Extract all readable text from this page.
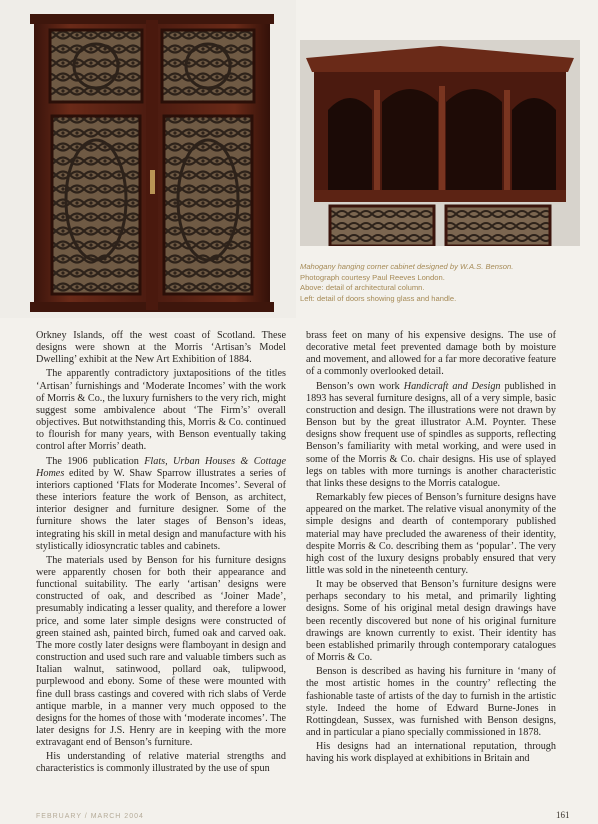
Mahogany hanging corner cabinet designed by W.A.S. Benson.
Photograph courtesy Paul Reeves London.
Above: detail of architectural column.
Left: detail of doors showing glass and handle.

Orkney Islands, off the west coast of Scotland. These designs were shown at the Morris ‘Artisan’s Model Dwelling’ exhibit at the New Art Exhibition of 1884.

The apparently contradictory juxtapositions of the titles ‘Artisan’ furnishings and ‘Moderate Incomes’ with the work of Morris & Co., the luxury furnishers to the very rich, might suggest some ambivalence about ‘The Firm’s’ overall objectives. But notwithstanding this, Morris & Co. continued to flourish for many years, with Benson eventually taking control after Morris’ death.

The 1906 publication Flats, Urban Houses & Cottage Homes edited by W. Shaw Sparrow illustrates a series of interiors captioned ‘Flats for Moderate Incomes’. Several of these interiors feature the work of Benson, as architect, interior designer and furniture designer. Some of the furniture shows the later stages of Benson’s ideas, integrating his skill in metal design and manufacture with his stylistically idiosyncratic tables and cabinets.

The materials used by Benson for his furniture designs were apparently chosen for both their appearance and functional suitability. The early ‘artisan’ designs were constructed of oak, and described as ‘Joiner Made’, presumably indicating a lesser quality, and therefore a lower price, and some later simple designs were constructed of green stained ash, painted birch, fumed oak and carved oak. The more costly later designs were flamboyant in design and construction and used such rare and valuable timbers such as Italian walnut, satinwood, pollard oak, tulipwood, purplewood and ebony. Some of these were mounted with fine dull brass castings and covered with rich slabs of Verde antique marble, in a manner very much opposed to the designs for the homes of those with ‘moderate incomes’. The later designs for J.S. Henry are in keeping with the more extravagant end of Benson’s furniture.

His understanding of relative material strengths and characteristics is commonly illustrated by the use of spun

brass feet on many of his expensive designs. The use of decorative metal feet prevented damage both by moisture and movement, and allowed for a far more decorative feature of a commonly overlooked detail.

Benson’s own work Handicraft and Design published in 1893 has several furniture designs, all of a very simple, basic construction and design. The illustrations were not drawn by Benson but by the great illustrator A.M. Poynter. These designs show frequent use of spindles as supports, reflecting Benson’s familiarity with metal working, and were used in some of the Morris & Co. chair designs. His use of splayed legs on tables with more turnings is another characteristic that links these designs to the Morris catalogue.

Remarkably few pieces of Benson’s furniture designs have appeared on the market. The relative visual anonymity of the simple designs and dearth of contemporary published material may have precluded the awareness of their identity, despite Morris & Co. describing them as ‘popular’. The very high cost of the luxury designs probably ensured that very little was sold in the nineteenth century.

It may be observed that Benson’s furniture designs were perhaps secondary to his metal, and primarily lighting designs. Some of his original metal design drawings have been recently discovered but none of his original furniture drawings are known currently to exist. Their identity has been established primarily through contemporary catalogues of Morris & Co.

Benson is described as having his furniture in ‘many of the most artistic homes in the country’ reflecting the fashionable taste of artists of the day to furnish in the artistic style. Indeed the home of Edward Burne-Jones in Rottingdean, Sussex, was furnished with Benson designs, and in particular a piano specially commissioned in 1878.

His designs had an international reputation, through having his work displayed at exhibitions in Britain and

FEBRUARY / MARCH 2004	161
